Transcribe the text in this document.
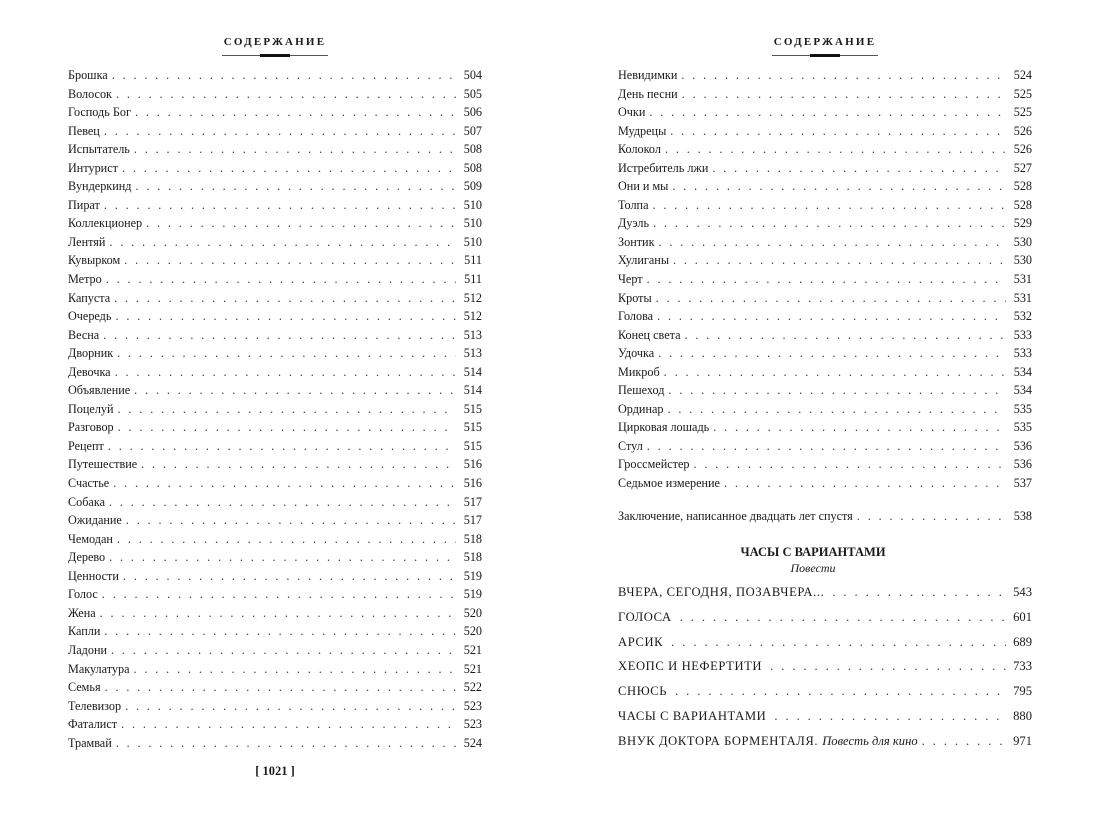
СОДЕРЖАНИЕ
Брошка . . .	504
Волосок . . .	505
Господь Бог . . .	506
Певец . . .	507
Испытатель . . .	508
Интурист . . .	508
Вундеркинд . . .	509
Пират . . .	510
Коллекционер . . .	510
Лентяй . . .	510
Кувырком . . .	511
Метро . . .	511
Капуста . . .	512
Очередь . . .	512
Весна . . .	513
Дворник . . .	513
Девочка . . .	514
Объявление . . .	514
Поцелуй . . .	515
Разговор . . .	515
Рецепт . . .	515
Путешествие . . .	516
Счастье . . .	516
Собака . . .	517
Ожидание . . .	517
Чемодан . . .	518
Дерево . . .	518
Ценности . . .	519
Голос . . .	519
Жена . . .	520
Капли . . .	520
Ладони . . .	521
Макулатура . . .	521
Семья . . .	522
Телевизор . . .	523
Фаталист . . .	523
Трамвай . . .	524
[ 1021 ]
СОДЕРЖАНИЕ
Невидимки . . .	524
День песни . . .	525
Очки . . .	525
Мудрецы . . .	526
Колокол . . .	526
Истребитель лжи . . .	527
Они и мы . . .	528
Толпа . . .	528
Дуэль . . .	529
Зонтик . . .	530
Хулиганы . . .	530
Черт . . .	531
Кроты . . .	531
Голова . . .	532
Конец света . . .	533
Удочка . . .	533
Микроб . . .	534
Пешеход . . .	534
Ординар . . .	535
Цирковая лошадь . . .	535
Стул . . .	536
Гроссмейстер . . .	536
Седьмое измерение . . .	537
Заключение, написанное двадцать лет спустя . . .	538
ЧАСЫ С ВАРИАНТАМИ
Повести
ВЧЕРА, СЕГОДНЯ, ПОЗАВЧЕРА... . . .	543
ГОЛОСА . . .	601
АРСИК . . .	689
ХЕОПС И НЕФЕРТИТИ . . .	733
СНЮСЬ . . .	795
ЧАСЫ С ВАРИАНТАМИ . . .	880
ВНУК ДОКТОРА БОРМЕНТАЛЯ. Повесть для кино . . .	971
